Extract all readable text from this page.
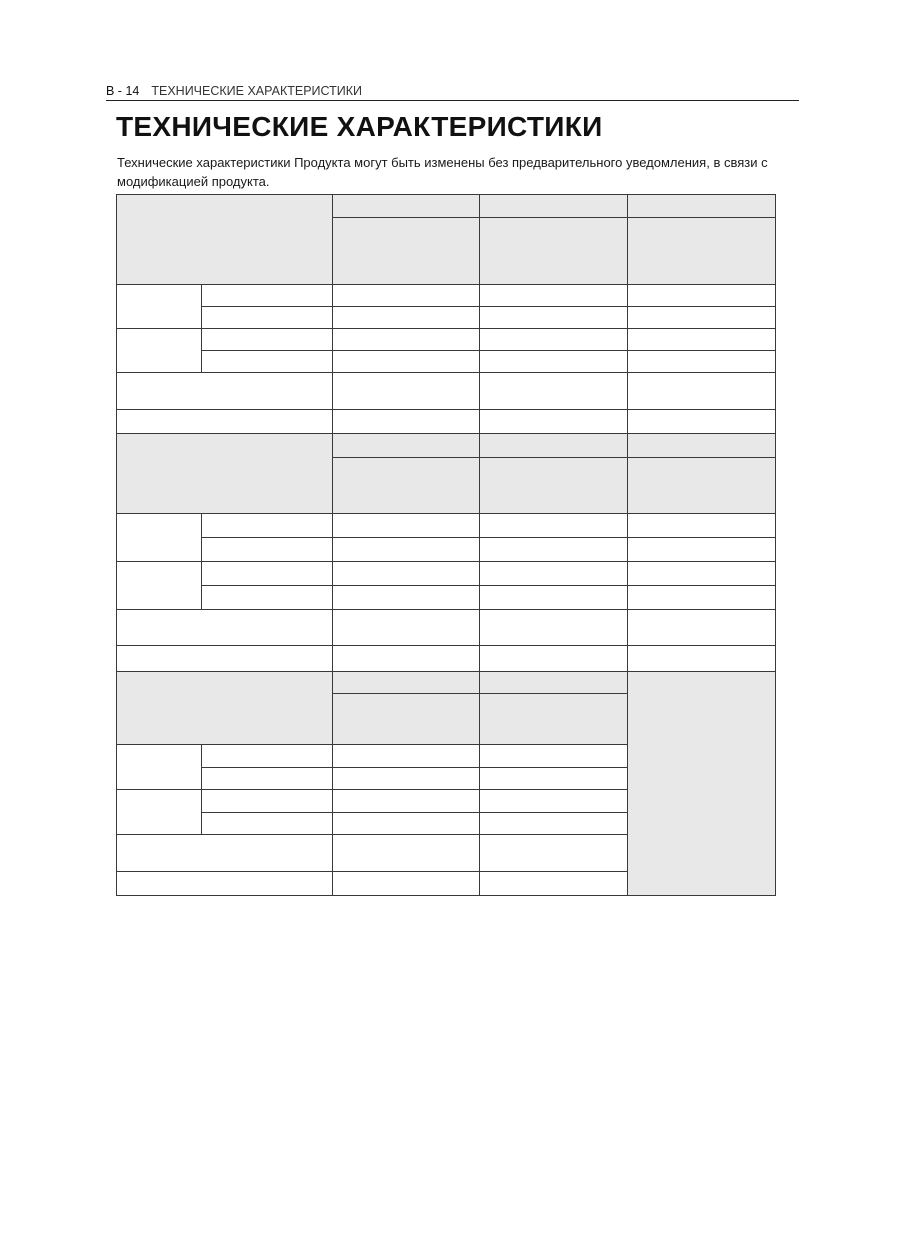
B - 14 ТЕХНИЧЕСКИЕ ХАРАКТЕРИСТИКИ
ТЕХНИЧЕСКИЕ ХАРАКТЕРИСТИКИ

Технические характеристики Продукта могут быть изменены без предварительного уведомления, в связи с модификацией продукта.
